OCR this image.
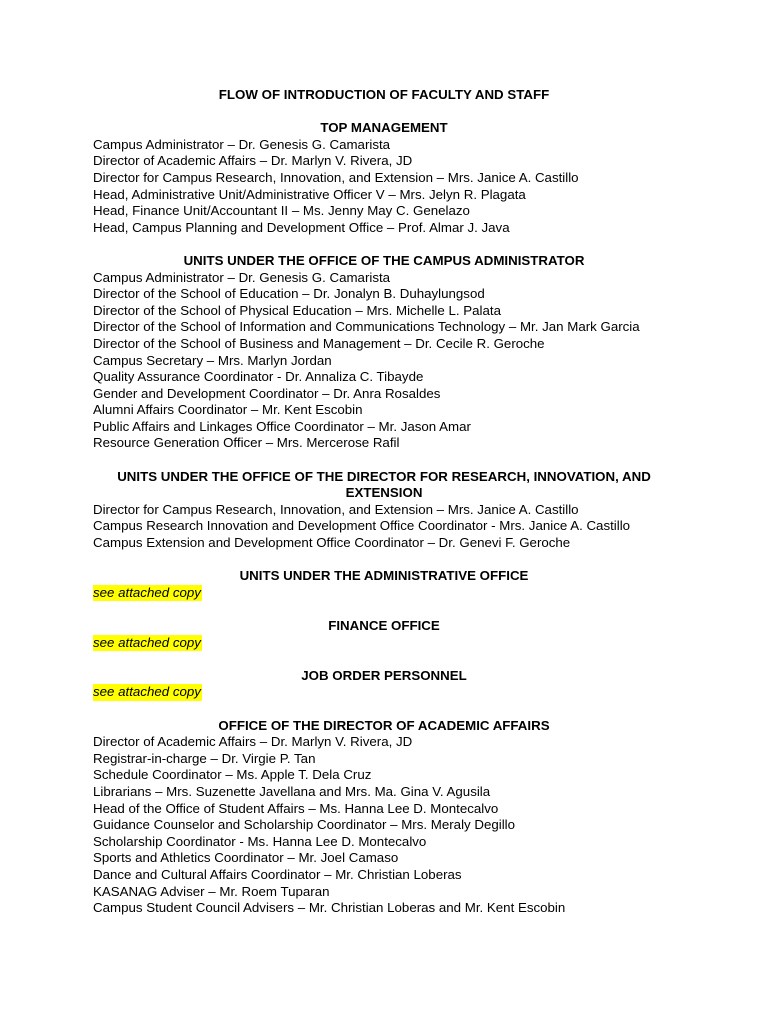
FLOW OF INTRODUCTION OF FACULTY AND STAFF
TOP MANAGEMENT
Campus Administrator – Dr. Genesis G. Camarista
Director of Academic Affairs – Dr. Marlyn V. Rivera, JD
Director for Campus Research, Innovation, and Extension – Mrs. Janice A. Castillo
Head, Administrative Unit/Administrative Officer V – Mrs. Jelyn R. Plagata
Head, Finance Unit/Accountant II – Ms. Jenny May C. Genelazo
Head, Campus Planning and Development Office – Prof. Almar J. Java
UNITS UNDER THE OFFICE OF THE CAMPUS ADMINISTRATOR
Campus Administrator – Dr. Genesis G. Camarista
Director of the School of Education – Dr. Jonalyn B. Duhaylungsod
Director of the School of Physical Education – Mrs. Michelle L. Palata
Director of the School of Information and Communications Technology – Mr. Jan Mark Garcia
Director of the School of Business and Management – Dr. Cecile R. Geroche
Campus Secretary – Mrs. Marlyn Jordan
Quality Assurance Coordinator - Dr. Annaliza C. Tibayde
Gender and Development Coordinator – Dr. Anra Rosaldes
Alumni Affairs Coordinator – Mr. Kent Escobin
Public Affairs and Linkages Office Coordinator – Mr. Jason Amar
Resource Generation Officer – Mrs. Mercerose Rafil
UNITS UNDER THE OFFICE OF THE DIRECTOR FOR RESEARCH, INNOVATION, AND EXTENSION
Director for Campus Research, Innovation, and Extension – Mrs. Janice A. Castillo
Campus Research Innovation and Development Office Coordinator - Mrs. Janice A. Castillo
Campus Extension and Development Office Coordinator – Dr. Genevi F. Geroche
UNITS UNDER THE ADMINISTRATIVE OFFICE
see attached copy
FINANCE OFFICE
see attached copy
JOB ORDER PERSONNEL
see attached copy
OFFICE OF THE DIRECTOR OF ACADEMIC AFFAIRS
Director of Academic Affairs – Dr. Marlyn V. Rivera, JD
Registrar-in-charge – Dr. Virgie P. Tan
Schedule Coordinator – Ms. Apple T. Dela Cruz
Librarians – Mrs. Suzenette Javellana and Mrs. Ma. Gina V. Agusila
Head of the Office of Student Affairs – Ms. Hanna Lee D. Montecalvo
Guidance Counselor and Scholarship Coordinator – Mrs. Meraly Degillo
Scholarship Coordinator - Ms. Hanna Lee D. Montecalvo
Sports and Athletics Coordinator – Mr. Joel Camaso
Dance and Cultural Affairs Coordinator – Mr. Christian Loberas
KASANAG Adviser – Mr. Roem Tuparan
Campus Student Council Advisers – Mr. Christian Loberas and Mr. Kent Escobin
